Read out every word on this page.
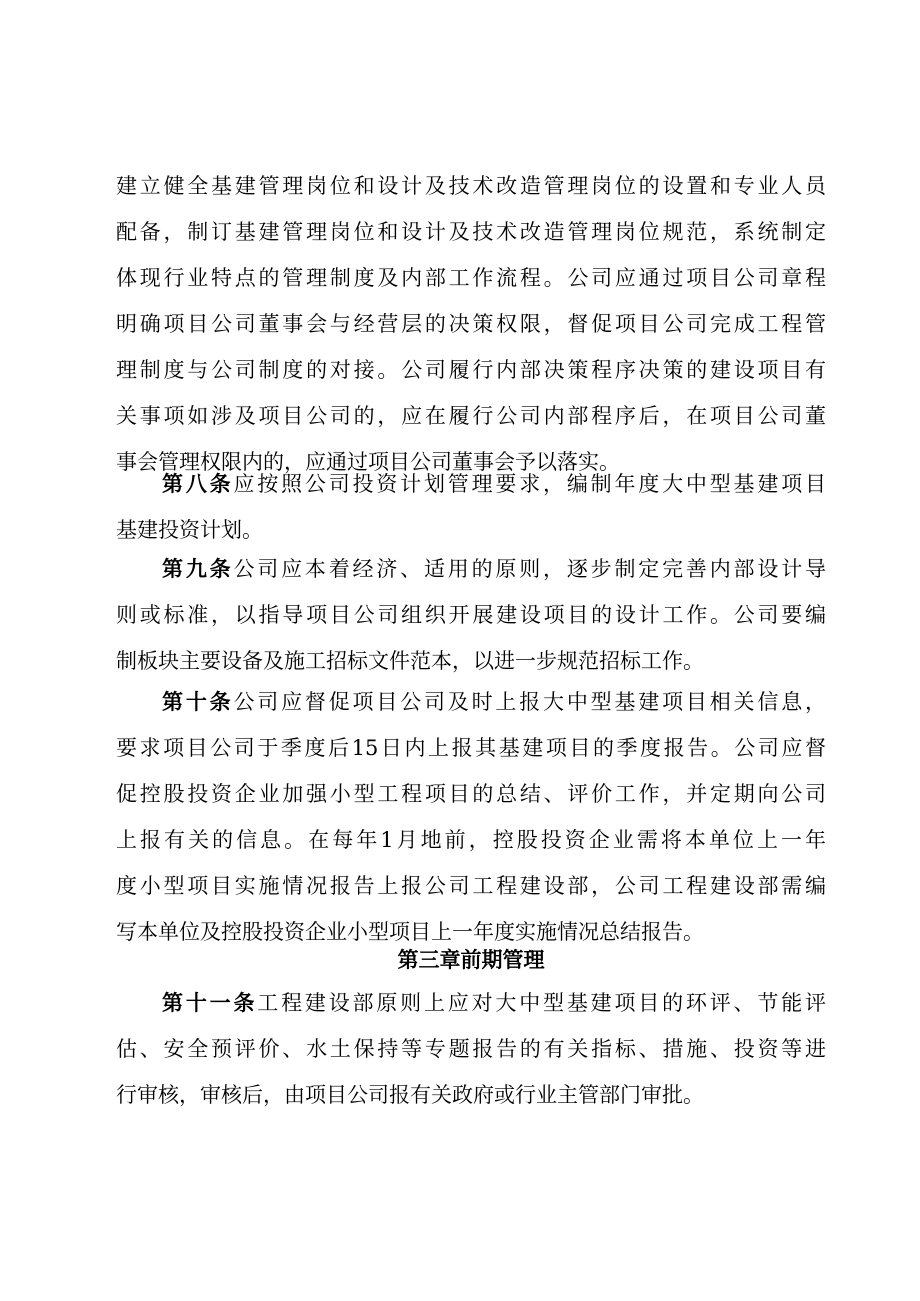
建立健全基建管理岗位和设计及技术改造管理岗位的设置和专业人员
配备，制订基建管理岗位和设计及技术改造管理岗位规范，系统制定
体现行业特点的管理制度及内部工作流程。公司应通过项目公司章程
明确项目公司董事会与经营层的决策权限，督促项目公司完成工程管
理制度与公司制度的对接。公司履行内部决策程序决策的建设项目有
关事项如涉及项目公司的，应在履行公司内部程序后，在项目公司董
事会管理权限内的，应通过项目公司董事会予以落实。
第八条应按照公司投资计划管理要求，编制年度大中型基建项目
基建投资计划。
第九条公司应本着经济、适用的原则，逐步制定完善内部设计导
则或标准，以指导项目公司组织开展建设项目的设计工作。公司要编
制板块主要设备及施工招标文件范本，以进一步规范招标工作。
第十条公司应督促项目公司及时上报大中型基建项目相关信息，
要求项目公司于季度后15日内上报其基建项目的季度报告。公司应督
促控股投资企业加强小型工程项目的总结、评价工作，并定期向公司
上报有关的信息。在每年1月地前，控股投资企业需将本单位上一年
度小型项目实施情况报告上报公司工程建设部，公司工程建设部需编
写本单位及控股投资企业小型项目上一年度实施情况总结报告。
第三章前期管理
第十一条工程建设部原则上应对大中型基建项目的环评、节能评
估、安全预评价、水土保持等专题报告的有关指标、措施、投资等进
行审核，审核后，由项目公司报有关政府或行业主管部门审批。
